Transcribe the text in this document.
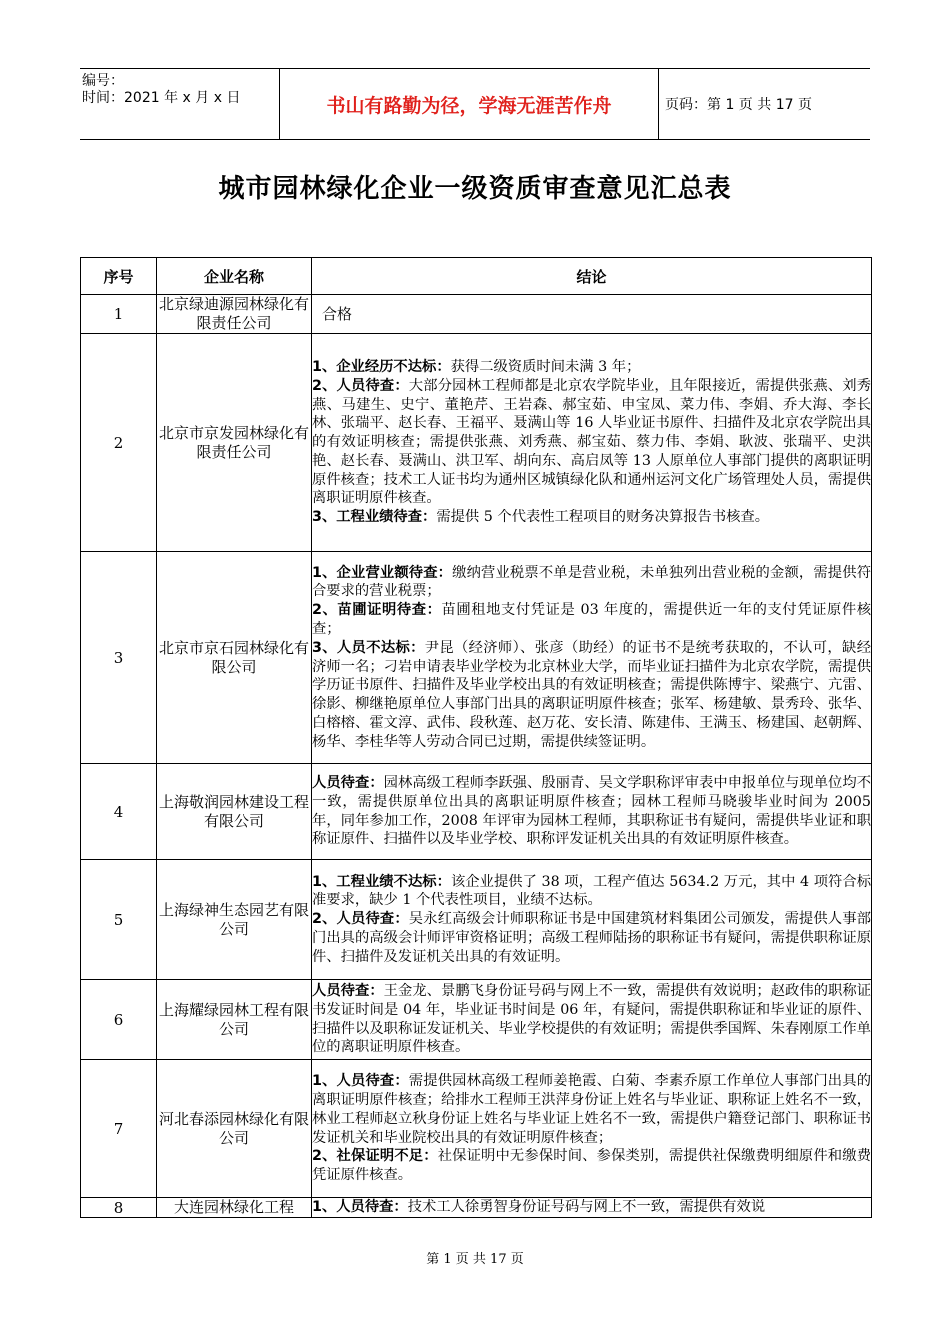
编号：
时间：2021 年 x 月 x 日	书山有路勤为径，学海无涯苦作舟	页码：第 1 页 共 17 页
城市园林绿化企业一级资质审查意见汇总表
序号	企业名称	结论
1	北京绿迪源园林绿化有限责任公司	合格

2	北京市京发园林绿化有限责任公司	1、企业经历不达标：获得二级资质时间未满 3 年；
2、人员待查：大部分园林工程师都是北京农学院毕业，且年限接近，需提供张燕、刘秀燕、马建生、史宁、董艳芹、王岩森、郝宝茹、申宝凤、菜力伟、李娟、乔大海、李长林、张瑞平、赵长春、王福平、聂满山等 16 人毕业证书原件、扫描件及北京农学院出具的有效证明核查；需提供张燕、刘秀燕、郝宝茹、蔡力伟、李娟、耿波、张瑞平、史洪艳、赵长春、聂满山、洪卫军、胡向东、高启凤等 13 人原单位人事部门提供的离职证明原件核查；技术工人证书均为通州区城镇绿化队和通州运河文化广场管理处人员，需提供离职证明原件核查。
3、工程业绩待查：需提供 5 个代表性工程项目的财务决算报告书核查。

3	北京市京石园林绿化有限公司	1、企业营业额待查：缴纳营业税票不单是营业税，未单独列出营业税的金额，需提供符合要求的营业税票；
2、苗圃证明待查：苗圃租地支付凭证是 03 年度的，需提供近一年的支付凭证原件核查；
3、人员不达标：尹昆（经济师）、张彦（助经）的证书不是统考获取的，不认可，缺经济师一名；刁岩申请表毕业学校为北京林业大学，而毕业证扫描件为北京农学院，需提供学历证书原件、扫描件及毕业学校出具的有效证明核查；需提供陈博宇、梁燕宁、亢雷、徐影、柳继艳原单位人事部门出具的离职证明原件核查；张军、杨建敏、景秀玲、张华、白榕榕、霍文淳、武伟、段秋莲、赵万花、安长清、陈建伟、王满玉、杨建国、赵朝辉、杨华、李桂华等人劳动合同已过期，需提供续签证明。

4	上海敬润园林建设工程有限公司	人员待查：园林高级工程师李跃强、殷丽青、吴文学职称评审表中申报单位与现单位均不一致，需提供原单位出具的离职证明原件核查；园林工程师马晓骏毕业时间为 2005 年，同年参加工作，2008 年评审为园林工程师，其职称证书有疑问，需提供毕业证和职称证原件、扫描件以及毕业学校、职称评发证机关出具的有效证明原件核查。

5	上海绿神生态园艺有限公司	1、工程业绩不达标：该企业提供了 38 项，工程产值达 5634.2 万元，其中 4 项符合标准要求，缺少 1 个代表性项目，业绩不达标。
2、人员待查：吴永红高级会计师职称证书是中国建筑材料集团公司颁发，需提供人事部门出具的高级会计师评审资格证明；高级工程师陆扬的职称证书有疑问，需提供职称证原件、扫描件及发证机关出具的有效证明。

6	上海耀绿园林工程有限公司	人员待查：王金龙、景鹏飞身份证号码与网上不一致，需提供有效说明；赵政伟的职称证书发证时间是 04 年，毕业证书时间是 06 年，有疑问，需提供职称证和毕业证的原件、扫描件以及职称证发证机关、毕业学校提供的有效证明；需提供季国辉、朱春刚原工作单位的离职证明原件核查。

7	河北春添园林绿化有限公司	1、人员待查：需提供园林高级工程师姜艳霞、白菊、李素乔原工作单位人事部门出具的离职证明原件核查；给排水工程师王洪萍身份证上姓名与毕业证、职称证上姓名不一致，林业工程师赵立秋身份证上姓名与毕业证上姓名不一致，需提供户籍登记部门、职称证书发证机关和毕业院校出具的有效证明原件核查；
2、社保证明不足：社保证明中无参保时间、参保类别，需提供社保缴费明细原件和缴费凭证原件核查。

8	大连园林绿化工程	1、人员待查：技术工人徐勇智身份证号码与网上不一致，需提供有效说
第 1 页 共 17 页
